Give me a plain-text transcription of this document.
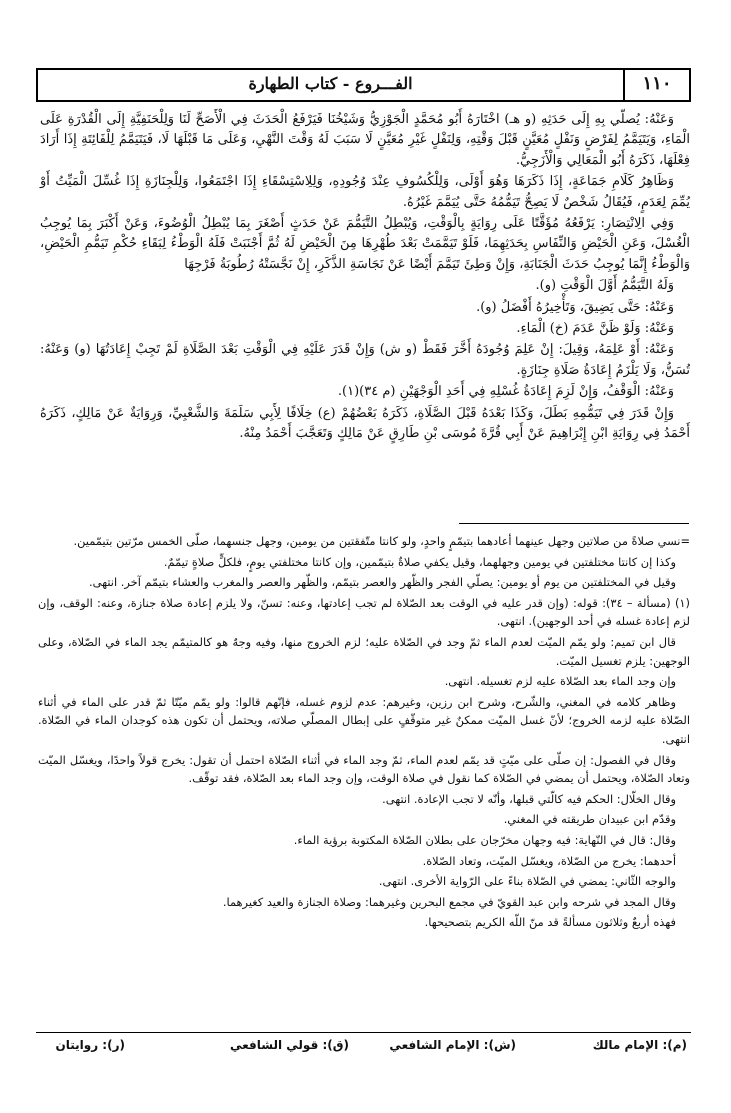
الفـــروع - كتاب الطهارة	١١٠

وَعَنْهُ: يُصلّي بِهِ إِلَى حَدَثِهِ (و هـ) اخْتَارَهُ أَبُو مُحَمَّدٍ الْجَوْزِيُّ وَشَيْخُنَا فَيَرْفَعُ الْحَدَثَ فِي الْأَصَحِّ لَنَا وَلِلْحَنَفِيَّةِ إِلَى الْقُدْرَةِ عَلَى الْمَاءِ، وَيَتَيَمَّمُ لِفَرْضٍ وَنَفْلٍ مُعَيَّنٍ قَبْلَ وَقْتِهِ، وَلِنَفْلٍ غَيْرِ مُعَيَّنٍ لَا سَبَبَ لَهُ وَقْتَ النَّهْيِ، وَعَلَى مَا قَبْلَهَا لَا، فَيَتَيَمَّمُ لِلْفَائِتَةِ إِذَا أَرَادَ فِعْلَهَا، ذَكَرَهُ أَبُو الْمَعَالِي وَالْأَزَجِيُّ.

وَظَاهِرُ كَلَامِ جَمَاعَةٍ، إِذَا ذَكَرَهَا وَهُوَ أَوْلَى، وَلِلْكُسُوفِ عِنْدَ وُجُودِهِ، وَلِلِاسْتِسْقَاءِ إِذَا اجْتَمَعُوا، وَلِلْجِنَازَةِ إِذَا غُسِّلَ الْمَيِّتُ أَوْ يُمِّمَ لِعَدَمٍ، فَيُقَالُ شَخْصٌ لَا يَصِحُّ تَيَمُّمُهُ حَتَّى يُيَمَّمَ غَيْرُهُ.

وَفِي الِانْتِصَارِ: يَرْفَعُهُ مُؤَقَّتًا عَلَى رِوَايَةٍ بِالْوَقْتِ، وَيُبْطِلُ التَّيَمُّمَ عَنْ حَدَثٍ أَصْغَرَ بِمَا يُبْطِلُ الْوُضُوءَ، وَعَنْ أَكْبَرَ بِمَا يُوجِبُ الْغُسْلَ، وَعَنِ الْحَيْضِ وَالنِّفَاسِ بِحَدَثِهِمَا، فَلَوْ تَيَمَّمَتْ بَعْدَ طُهْرِهَا مِنَ الْحَيْضِ لَهُ ثُمَّ أَجْنَبَتْ فَلَهُ الْوَطْءُ لِبَقَاءِ حُكْمِ تَيَمُّمِ الْحَيْضِ، وَالْوَطْءُ إِنَّمَا يُوجِبُ حَدَثَ الْجَنَابَةِ، وَإِنْ وَطِئَ تَيَمَّمَ أَيْضًا عَنْ نَجَاسَةِ الذَّكَرِ، إِنْ نَجَّسَتْهُ رُطُوبَةُ فَرْجِهَا

وَلَهُ التَّيَمُّمُ أَوَّلَ الْوَقْتِ (و).

وَعَنْهُ: حَتَّى يَضِيقَ، وَتَأْخِيرُهُ أَفْضَلُ (و).

وَعَنْهُ: وَلَوْ ظَنَّ عَدَمَ (خ) الْمَاءِ.

وَعَنْهُ: أَوْ عَلِمَهُ، وَقِيلَ: إِنْ عَلِمَ وُجُودَهُ أَخَّرَ فَقَطْ (و ش) وَإِنْ قَدَرَ عَلَيْهِ فِي الْوَقْتِ بَعْدَ الصَّلَاةِ لَمْ تَجِبْ إِعَادَتُهَا (و) وَعَنْهُ: تُسَنُّ، وَلَا يَلْزَمُ إِعَادَةُ صَلَاةِ جِنَازَةٍ.

وَعَنْهُ: الْوَقْفُ، وَإِنْ لَزِمَ إِعَادَةُ غُسْلِهِ فِي أَحَدِ الْوَجْهَيْنِ (م ٣٤)(١).

وَإِنْ قَدَرَ فِي تَيَمُّمِهِ بَطَلَ، وَكَذَا بَعْدَهُ قَبْلَ الصَّلَاةِ، ذَكَرَهُ بَعْضُهُمْ (ع) خِلَافًا لِأَبِي سَلَمَةَ وَالشَّعْبِيِّ، وَرِوَايَةٌ عَنْ مَالِكٍ، ذَكَرَهُ أَحْمَدُ فِي رِوَايَةِ ابْنِ إِبْرَاهِيمَ عَنْ أَبِي قُرَّةَ مُوسَى بْنِ طَارِقٍ عَنْ مَالِكٍ وَتَعَجَّبَ أَحْمَدُ مِنْهُ.

=نسي صلاةً من صلاتين وجهل عينهما أعادهما بتيمّمٍ واحدٍ، ولو كانتا متّفقتين من يومين، وجهل جنسهما، صلّى الخمس مرّتين بتيمّمين.

وكذا إن كانتا مختلفتين في يومين وجهلهما، وقيل يكفي صلاةٌ بتيمّمين، وإن كانتا مختلفتي يومٍ، فلكلٍّ صلاةٍ تيمّمٌ.

وقيل في المختلفتين من يوم أو يومين: يصلّي الفجر والظّهر والعصر بتيمّم، والظّهر والعصر والمغرب والعشاء بتيمّم آخر. انتهى.

(١) (مسألة – ٣٤): قوله: (وإن قدر عليه في الوقت بعد الصّلاة لم تجب إعادتها، وعنه: تسنّ، ولا يلزم إعادة صلاة جنازة، وعنه: الوقف، وإن لزم إعادة غسله في أحد الوجهين). انتهى.

قال ابن تميم: ولو يمّم الميّت لعدم الماء ثمّ وجد في الصّلاة عليه؛ لزم الخروج منها، وفيه وجهٌ هو كالمتيمّم يجد الماء في الصّلاة، وعلى الوجهين: يلزم تغسيل الميّت.

وإن وجد الماء بعد الصّلاة عليه لزم تغسيله. انتهى.

وظاهر كلامه في المغني، والشّرح، وشرح ابن رزين، وغيرهم: عدم لزوم غسله، فإنّهم قالوا: ولو يمّم ميّتًا ثمّ قدر على الماء في أثناء الصّلاة عليه لزمه الخروج؛ لأنّ غسل الميّت ممكنٌ غير متوقّفٍ على إبطال المصلّي صلاته، ويحتمل أن تكون هذه كوجدان الماء في الصّلاة. انتهى.

وقال في الفصول: إن صلّى على ميّتٍ قد يمّم لعدم الماء، ثمّ وجد الماء في أثناء الصّلاة احتمل أن تقول: يخرج قولاً واحدًا، ويغسّل الميّت وتعاد الصّلاة، ويحتمل أن يمضي في الصّلاة كما نقول في صلاة الوقت، وإن وجد الماء بعد الصّلاة، فقد توقّف.

وقال الخلّال: الحكم فيه كالّتي قبلها، وأنّه لا تجب الإعادة. انتهى.

وقدّم ابن عبيدان طريقته في المغني.

وقال: قال في النّهاية: فيه وجهان مخرّجان على بطلان الصّلاة المكتوبة برؤية الماء.

أحدهما: يخرج من الصّلاة، ويغسّل الميّت، وتعاد الصّلاة.

والوجه الثّاني: يمضي في الصّلاة بناءً على الرّواية الأخرى. انتهى.

وقال المجد في شرحه وابن عبد القويّ في مجمع البحرين وغيرهما: وصلاة الجنازة والعيد كغيرهما.

فهذه أربعٌ وثلاثون مسألةً قد منّ اللّه الكريم بتصحيحها.

(م): الإمام مالك
(ش): الإمام الشافعي
(ق): قولي الشافعي
(ر): روايتان
